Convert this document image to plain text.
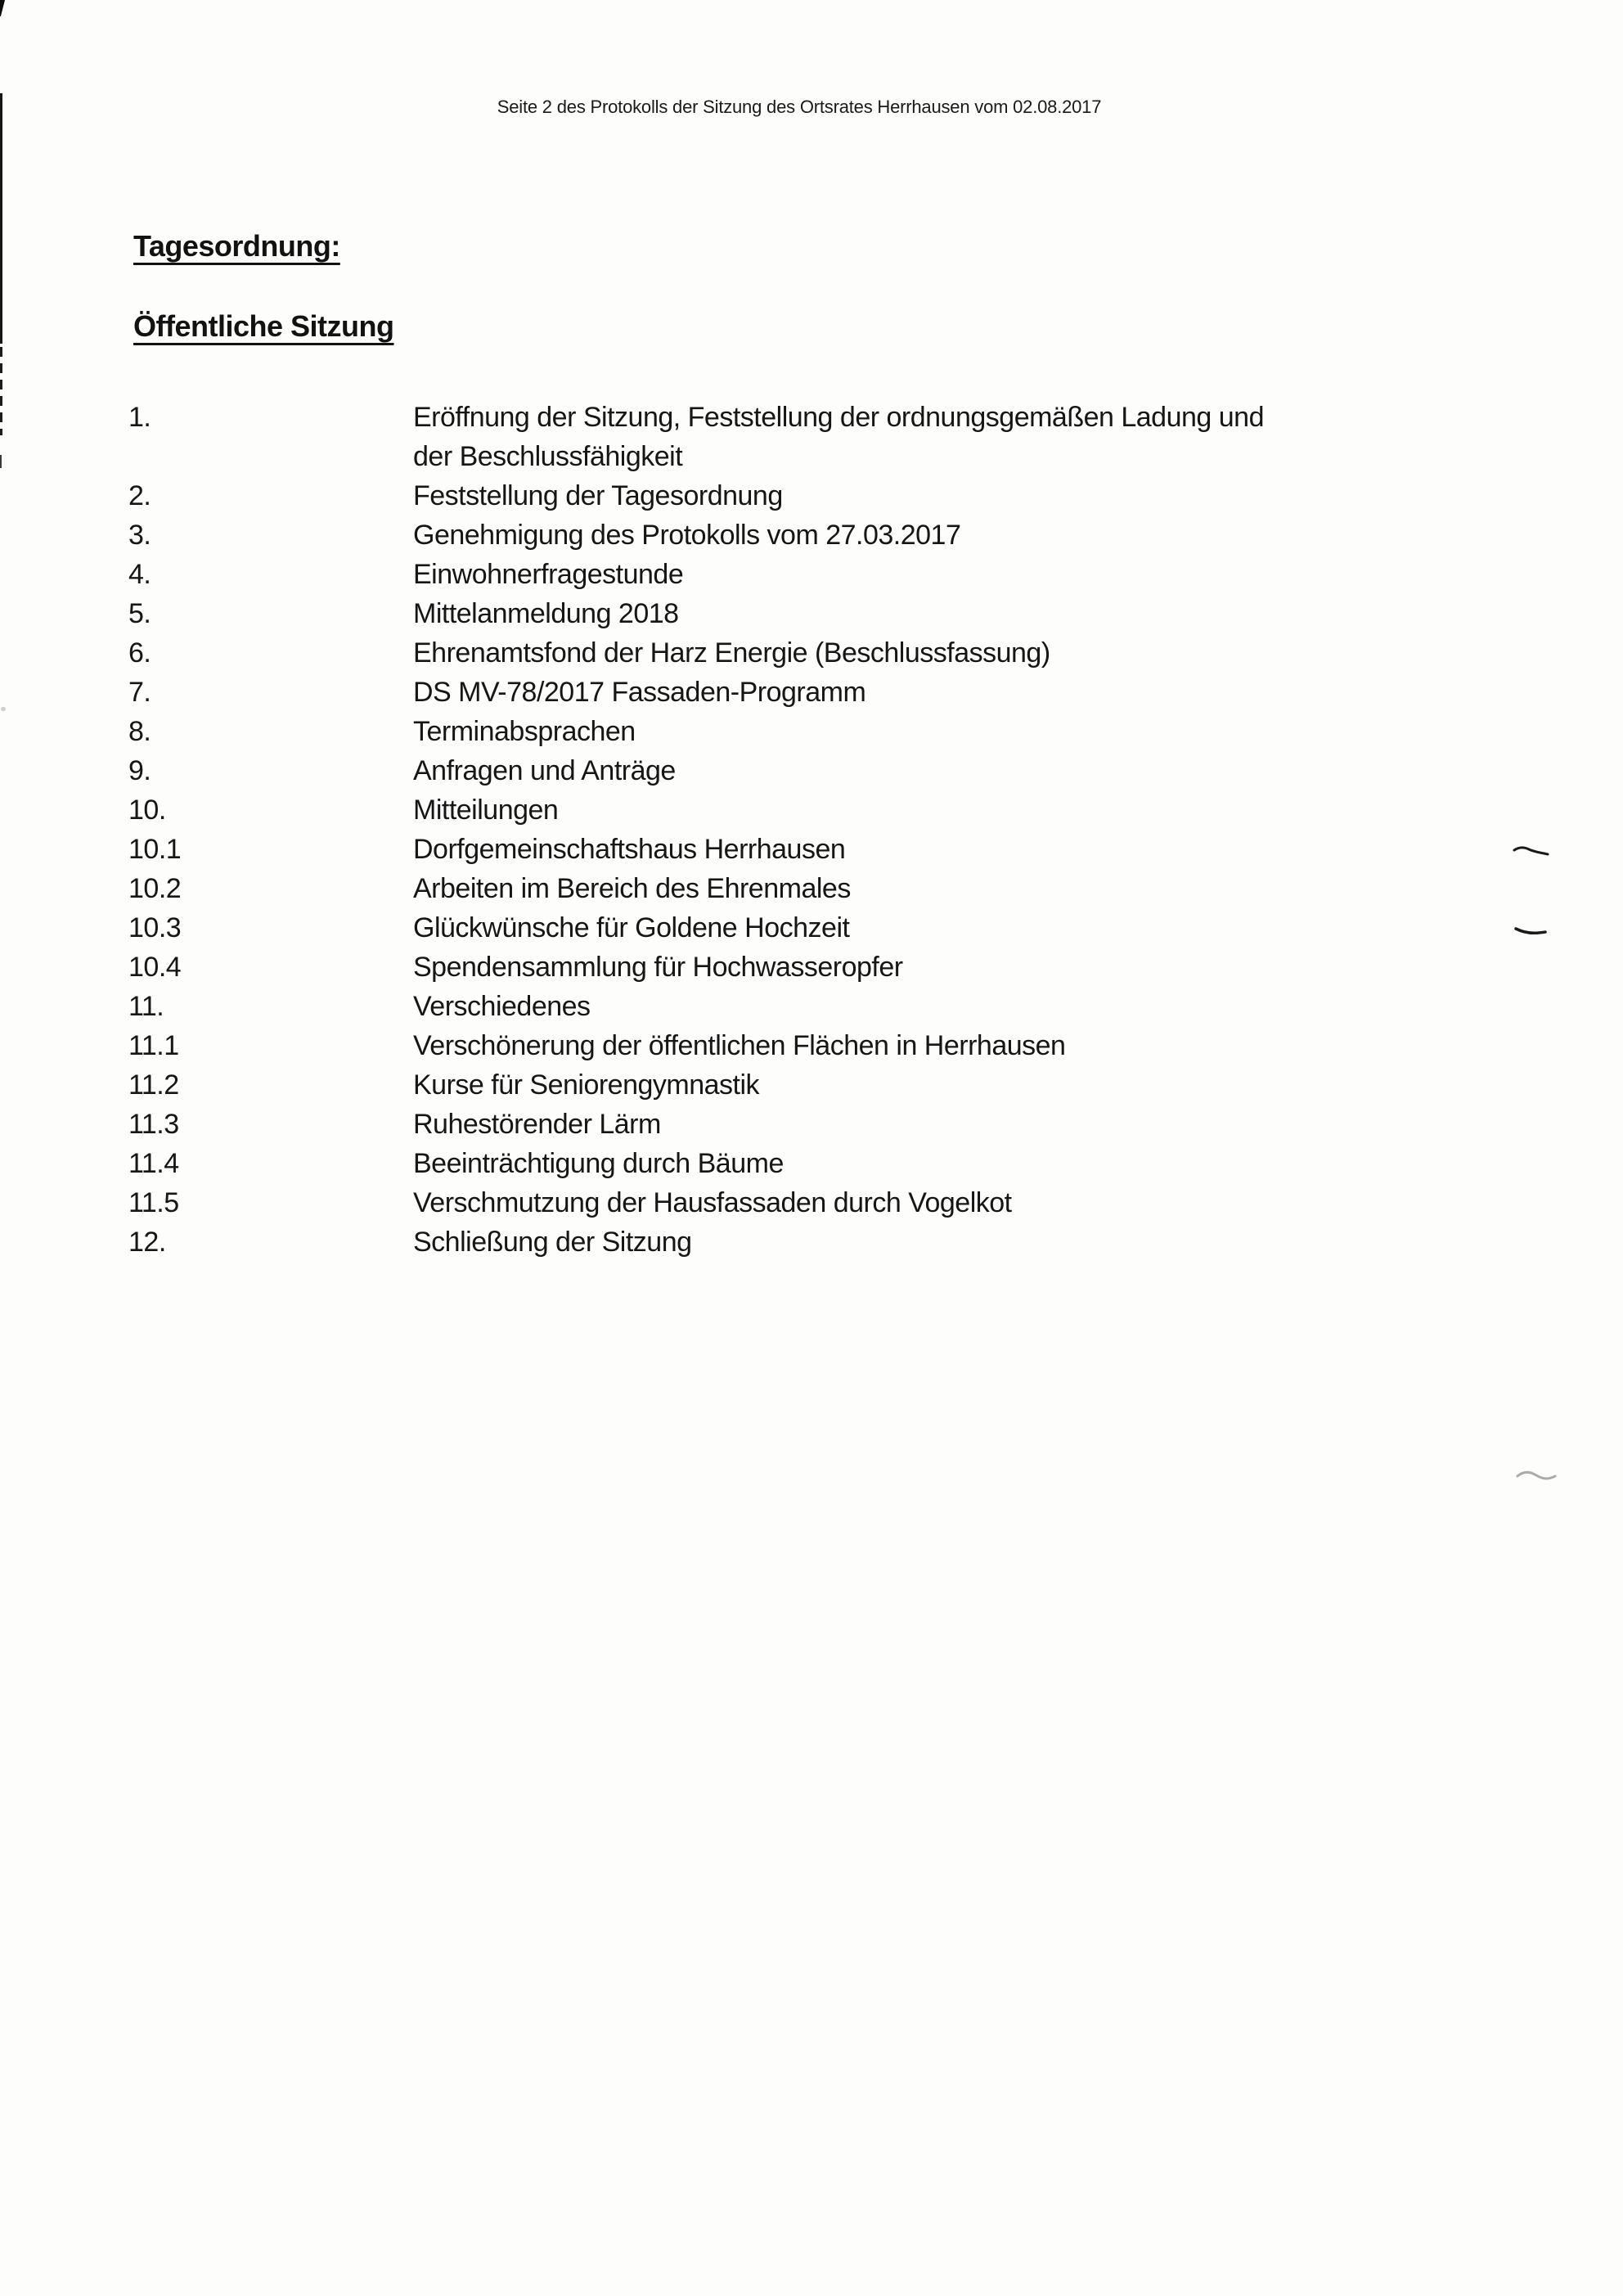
Seite 2 des Protokolls der Sitzung des Ortsrates Herrhausen vom 02.08.2017
Tagesordnung:
Öffentliche Sitzung
1.	Eröffnung der Sitzung, Feststellung der ordnungsgemäßen Ladung und
der Beschlussfähigkeit
2.	Feststellung der Tagesordnung
3.	Genehmigung des Protokolls vom 27.03.2017
4.	Einwohnerfragestunde
5.	Mittelanmeldung 2018
6.	Ehrenamtsfond der Harz Energie (Beschlussfassung)
7.	DS MV-78/2017 Fassaden-Programm
8.	Terminabsprachen
9.	Anfragen und Anträge
10.	Mitteilungen
10.1	Dorfgemeinschaftshaus Herrhausen
10.2	Arbeiten im Bereich des Ehrenmales
10.3	Glückwünsche für Goldene Hochzeit
10.4	Spendensammlung für Hochwasseropfer
11.	Verschiedenes
11.1	Verschönerung der öffentlichen Flächen in Herrhausen
11.2	Kurse für Seniorengymnastik
11.3	Ruhestörender Lärm
11.4	Beeinträchtigung durch Bäume
11.5	Verschmutzung der Hausfassaden durch Vogelkot
12.	Schließung der Sitzung
